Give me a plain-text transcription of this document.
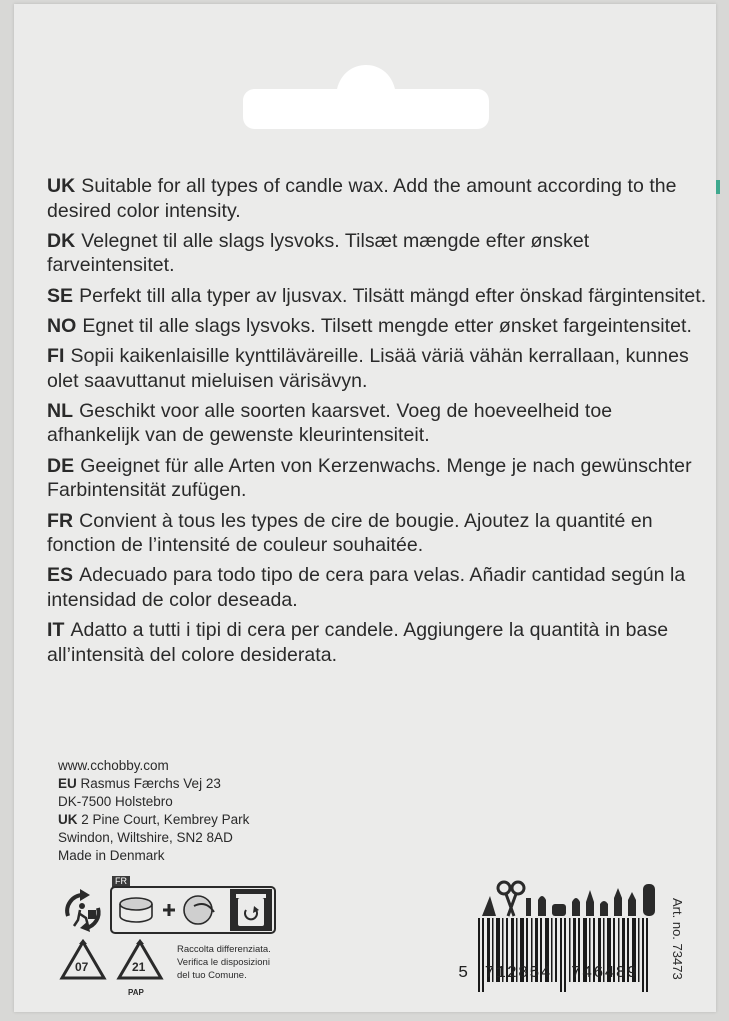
UK Suitable for all types of candle wax. Add the amount according to the desired color intensity.

DK Velegnet til alle slags lysvoks. Tilsæt mængde efter ønsket farveintensitet.

SE Perfekt till alla typer av ljusvax. Tilsätt mängd efter önskad färgintensitet.

NO Egnet til alle slags lysvoks. Tilsett mengde etter ønsket fargeintensitet.

FI Sopii kaikenlaisille kynttiläväreille. Lisää väriä vähän kerrallaan, kunnes olet saavuttanut mieluisen värisävyn.

NL Geschikt voor alle soorten kaarsvet. Voeg de hoeveelheid toe afhankelijk van de gewenste kleurintensiteit.

DE Geeignet für alle Arten von Kerzenwachs. Menge je nach gewünschter Farbintensität zufügen.

FR Convient à tous les types de cire de bougie. Ajoutez la quantité en fonction de l’intensité de couleur souhaitée.

ES Adecuado para todo tipo de cera para velas. Añadir cantidad según la intensidad de color deseada.

IT Adatto a tutti i tipi di cera per candele. Aggiungere la quantità in base all’intensità del colore desiderata.

www.cchobby.com
EU Rasmus Færchs Vej 23
DK-7500 Holstebro
UK 2 Pine Court, Kembrey Park
Swindon, Wiltshire, SN2 8AD
Made in Denmark
FR
07	21
PAP
Raccolta differenziata.
Verifica le disposizioni
del tuo Comune.	5 712854 746489	Art. no. 73473
